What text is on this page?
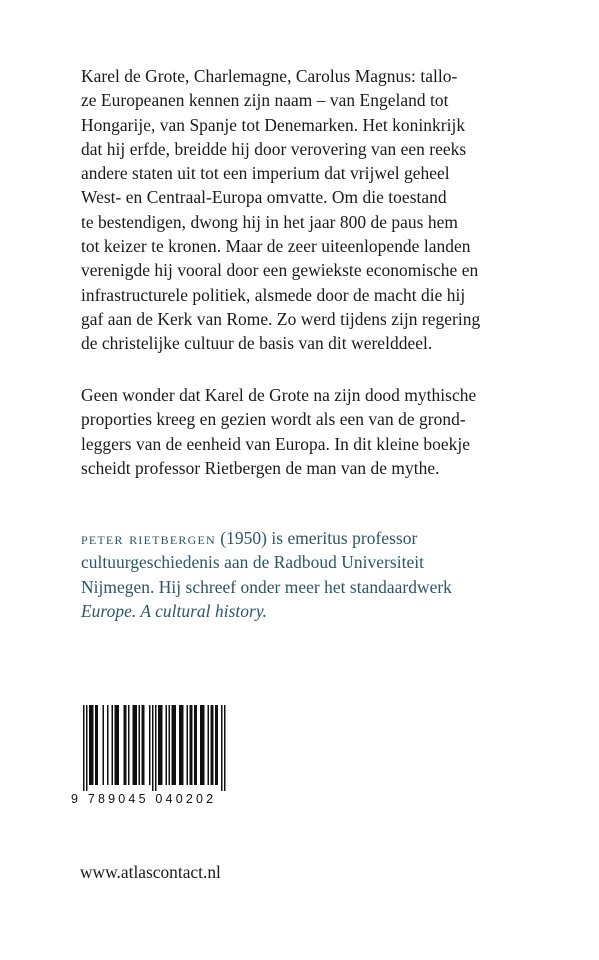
Karel de Grote, Charlemagne, Carolus Magnus: tallo-
ze Europeanen kennen zijn naam – van Engeland tot
Hongarije, van Spanje tot Denemarken. Het koninkrijk
dat hij erfde, breidde hij door verovering van een reeks
andere staten uit tot een imperium dat vrijwel geheel
West- en Centraal-Europa omvatte. Om die toestand
te bestendigen, dwong hij in het jaar 800 de paus hem
tot keizer te kronen. Maar de zeer uiteenlopende landen
verenigde hij vooral door een gewiekste economische en
infrastructurele politiek, alsmede door de macht die hij
gaf aan de Kerk van Rome. Zo werd tijdens zijn regering
de christelijke cultuur de basis van dit werelddeel.

Geen wonder dat Karel de Grote na zijn dood mythische
proporties kreeg en gezien wordt als een van de grond-
leggers van de eenheid van Europa. In dit kleine boekje
scheidt professor Rietbergen de man van de mythe.

peter rietbergen (1950) is emeritus professor
cultuurgeschiedenis aan de Radboud Universiteit
Nijmegen. Hij schreef onder meer het standaardwerk
Europe. A cultural history.

9 789045 040202
www.atlascontact.nl
